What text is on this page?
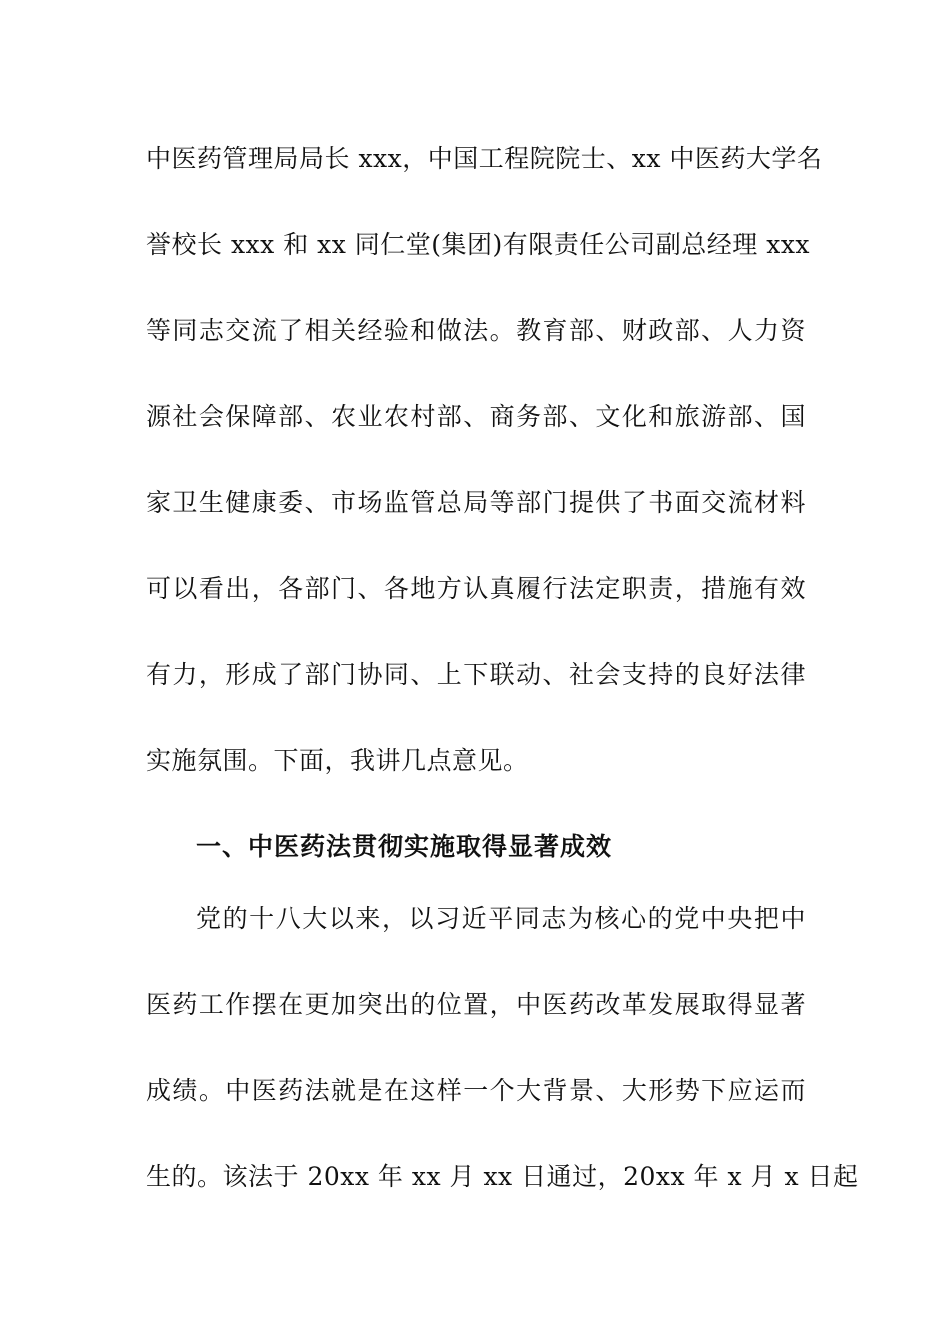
中医药管理局局长 xxx，中国工程院院士、xx 中医药大学名
誉校长 xxx 和 xx 同仁堂(集团)有限责任公司副总经理 xxx
等同志交流了相关经验和做法。教育部、财政部、人力资
源社会保障部、农业农村部、商务部、文化和旅游部、国
家卫生健康委、市场监管总局等部门提供了书面交流材料
可以看出，各部门、各地方认真履行法定职责，措施有效
有力，形成了部门协同、上下联动、社会支持的良好法律
实施氛围。下面，我讲几点意见。
一、中医药法贯彻实施取得显著成效
党的十八大以来，以习近平同志为核心的党中央把中
医药工作摆在更加突出的位置，中医药改革发展取得显著
成绩。中医药法就是在这样一个大背景、大形势下应运而
生的。该法于 20xx 年 xx 月 xx 日通过，20xx 年 x 月 x 日起
